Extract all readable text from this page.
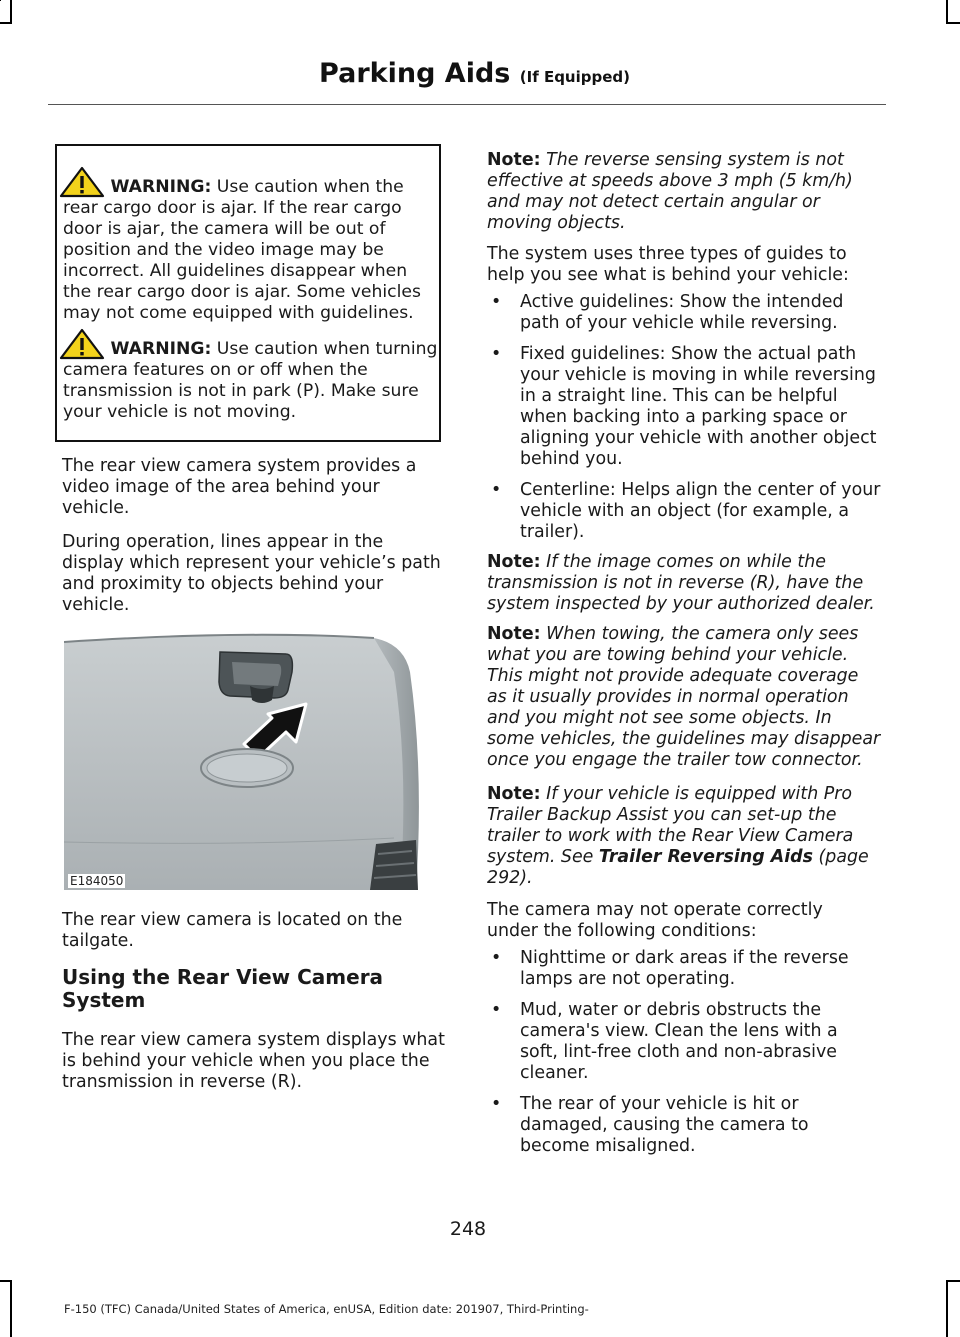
Parking Aids (If Equipped)
WARNING: Use caution when the rear cargo door is ajar. If the rear cargo door is ajar, the camera will be out of position and the video image may be incorrect. All guidelines disappear when the rear cargo door is ajar. Some vehicles may not come equipped with guidelines.
WARNING: Use caution when turning camera features on or off when the transmission is not in park (P). Make sure your vehicle is not moving.

The rear view camera system provides a video image of the area behind your vehicle.

During operation, lines appear in the display which represent your vehicle’s path and proximity to objects behind your vehicle.

E184050

The rear view camera is located on the tailgate.

Using the Rear View Camera System

The rear view camera system displays what is behind your vehicle when you place the transmission in reverse (R).

Note: The reverse sensing system is not effective at speeds above 3 mph (5 km/h) and may not detect certain angular or moving objects.

The system uses three types of guides to help you see what is behind your vehicle:

• Active guidelines: Show the intended path of your vehicle while reversing.
• Fixed guidelines: Show the actual path your vehicle is moving in while reversing in a straight line. This can be helpful when backing into a parking space or aligning your vehicle with another object behind you.
• Centerline: Helps align the center of your vehicle with an object (for example, a trailer).

Note: If the image comes on while the transmission is not in reverse (R), have the system inspected by your authorized dealer.

Note: When towing, the camera only sees what you are towing behind your vehicle. This might not provide adequate coverage as it usually provides in normal operation and you might not see some objects. In some vehicles, the guidelines may disappear once you engage the trailer tow connector.

Note: If your vehicle is equipped with Pro Trailer Backup Assist you can set-up the trailer to work with the Rear View Camera system. See Trailer Reversing Aids (page 292).

The camera may not operate correctly under the following conditions:

• Nighttime or dark areas if the reverse lamps are not operating.
• Mud, water or debris obstructs the camera's view. Clean the lens with a soft, lint-free cloth and non-abrasive cleaner.
• The rear of your vehicle is hit or damaged, causing the camera to become misaligned.
248
F-150 (TFC) Canada/United States of America, enUSA, Edition date: 201907, Third-Printing-
